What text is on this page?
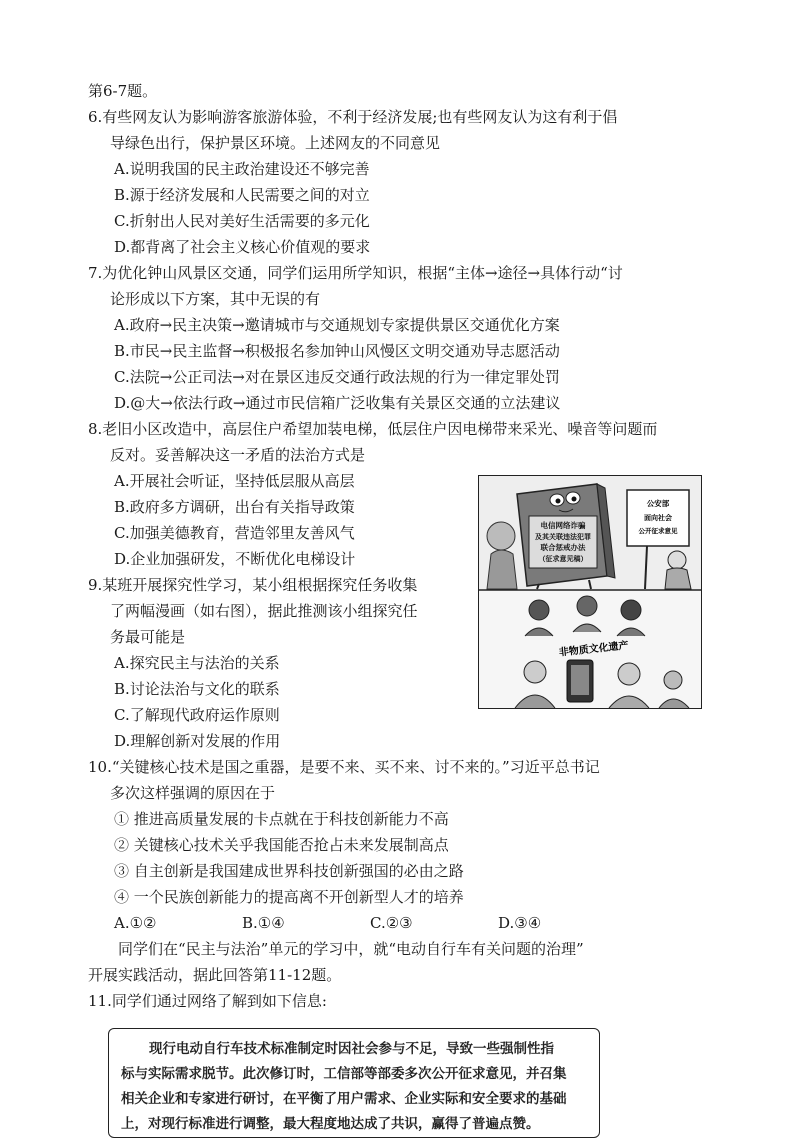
第6-7题。
6.有些网友认为影响游客旅游体验，不利于经济发展;也有些网友认为这有利于倡
导绿色出行，保护景区环境。上述网友的不同意见
A.说明我国的民主政治建设还不够完善
B.源于经济发展和人民需要之间的对立
C.折射出人民对美好生活需要的多元化
D.都背离了社会主义核心价值观的要求
7.为优化钟山风景区交通，同学们运用所学知识，根据“主体→途径→具体行动“讨
论形成以下方案，其中无误的有
A.政府→民主决策→邀请城市与交通规划专家提供景区交通优化方案
B.市民→民主监督→积极报名参加钟山风慢区文明交通劝导志愿活动
C.法院→公正司法→对在景区违反交通行政法规的行为一律定罪处罚
D.@大→依法行政→通过市民信箱广泛收集有关景区交通的立法建议
8.老旧小区改造中，高层住户希望加装电梯，低层住户因电梯带来采光、噪音等问题而
反对。妥善解决这一矛盾的法治方式是
A.开展社会听证，坚持低层服从高层
B.政府多方调研，出台有关指导政策
C.加强美德教育，营造邻里友善风气
D.企业加强研发，不断优化电梯设计
9.某班开展探究性学习，某小组根据探究任务收集
了两幅漫画（如右图），据此推测该小组探究任
务最可能是
A.探究民主与法治的关系
B.讨论法治与文化的联系
C.了解现代政府运作原则
D.理解创新对发展的作用
10.“关键核心技术是国之重器，是要不来、买不来、讨不来的。”习近平总书记
多次这样强调的原因在于
① 推进高质量发展的卡点就在于科技创新能力不高
② 关键核心技术关乎我国能否抢占未来发展制高点
③ 自主创新是我国建成世界科技创新强国的必由之路
④ 一个民族创新能力的提高离不开创新型人才的培养
A.①②	B.①④	C.②③	D.③④
同学们在“民主与法治”单元的学习中，就“电动自行车有关问题的治理”
开展实践活动，据此回答第11-12题。
11.同学们通过网络了解到如下信息:
电信网络诈骗
及其关联违法犯罪
联合惩戒办法
（征求意见稿）
公安部
面向社会
公开征求意见
非物质文化遗产
现行电动自行车技术标准制定时因社会参与不足，导致一些强制性指
标与实际需求脱节。此次修订时，工信部等部委多次公开征求意见，并召集
相关企业和专家进行研讨，在平衡了用户需求、企业实际和安全要求的基础
上，对现行标准进行调整，最大程度地达成了共识，赢得了普遍点赞。
